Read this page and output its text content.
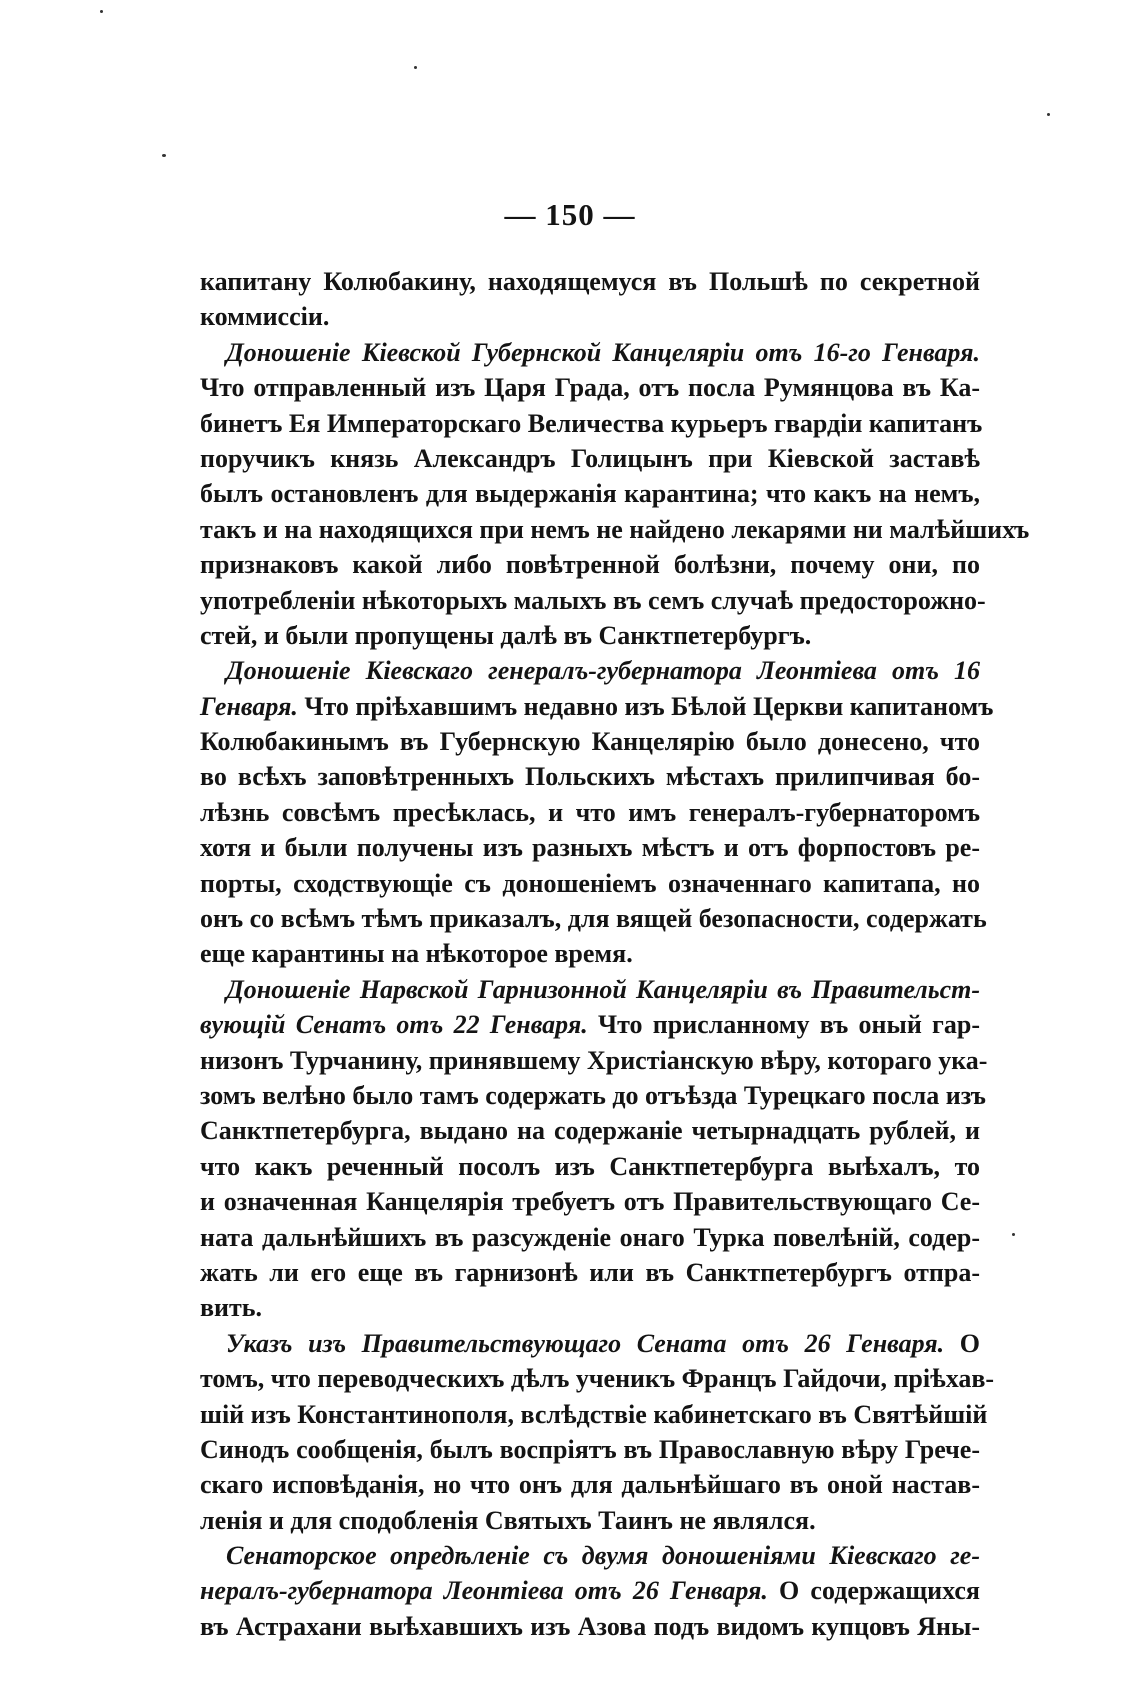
— 150 —
капитану Колюбакину, находящемуся въ Польшѣ по секретной
коммиссіи.
Доношеніе Кіевской Губернской Канцеляріи отъ 16-го Генваря.
Что отправленный изъ Царя Града, отъ посла Румянцова въ Ка-
бинетъ Ея Императорскаго Величества курьеръ гвардіи капитанъ
поручикъ князь Александръ Голицынъ при Кіевской заставѣ
былъ остановленъ для выдержанія карантина; что какъ на немъ,
такъ и на находящихся при немъ не найдено лекарями ни малѣйшихъ
признаковъ какой либо повѣтренной болѣзни, почему они, по
употребленіи нѣкоторыхъ малыхъ въ семъ случаѣ предосторожно-
стей, и были пропущены далѣ въ Санктпетербургъ.
Доношеніе Кіевскаго генералъ-губернатора Леонтіева отъ 16
Генваря. Что пріѣхавшимъ недавно изъ Бѣлой Церкви капитаномъ
Колюбакинымъ въ Губернскую Канцелярію было донесено, что
во всѣхъ заповѣтренныхъ Польскихъ мѣстахъ прилипчивая бо-
лѣзнь совсѣмъ пресѣклась, и что имъ генералъ-губернаторомъ
хотя и были получены изъ разныхъ мѣстъ и отъ форпостовъ ре-
порты, сходствующіе съ доношеніемъ означеннаго капитапа, но
онъ со всѣмъ тѣмъ приказалъ, для вящей безопасности, содержать
еще карантины на нѣкоторое время.
Доношеніе Нарвской Гарнизонной Канцеляріи въ Правительст-
вующій Сенатъ отъ 22 Генваря. Что присланному въ оный гар-
низонъ Турчанину, принявшему Христіанскую вѣру, котораго ука-
зомъ велѣно было тамъ содержать до отъѣзда Турецкаго посла изъ
Санктпетербурга, выдано на содержаніе четырнадцать рублей, и
что какъ реченный посолъ изъ Санктпетербурга выѣхалъ, то
и означенная Канцелярія требуетъ отъ Правительствующаго Се-
ната дальнѣйшихъ въ разсужденіе онаго Турка повелѣній, содер-
жать ли его еще въ гарнизонѣ или въ Санктпетербургъ отпра-
вить.
Указъ изъ Правительствующаго Сената отъ 26 Генваря. О
томъ, что переводческихъ дѣлъ ученикъ Францъ Гайдочи, пріѣхав-
шій изъ Константинополя, вслѣдствіе кабинетскаго въ Святѣйшій
Синодъ сообщенія, былъ воспріятъ въ Православную вѣру Грече-
скаго исповѣданія, но что онъ для дальнѣйшаго въ оной настав-
ленія и для сподобленія Святыхъ Таинъ не являлся.
Сенаторское опредѣленіе съ двумя доношеніями Кіевскаго ге-
нералъ-губернатора Леонтіева отъ 26 Генваря. О содержащихся
въ Астрахани выѣхавшихъ изъ Азова подъ видомъ купцовъ Яны-
